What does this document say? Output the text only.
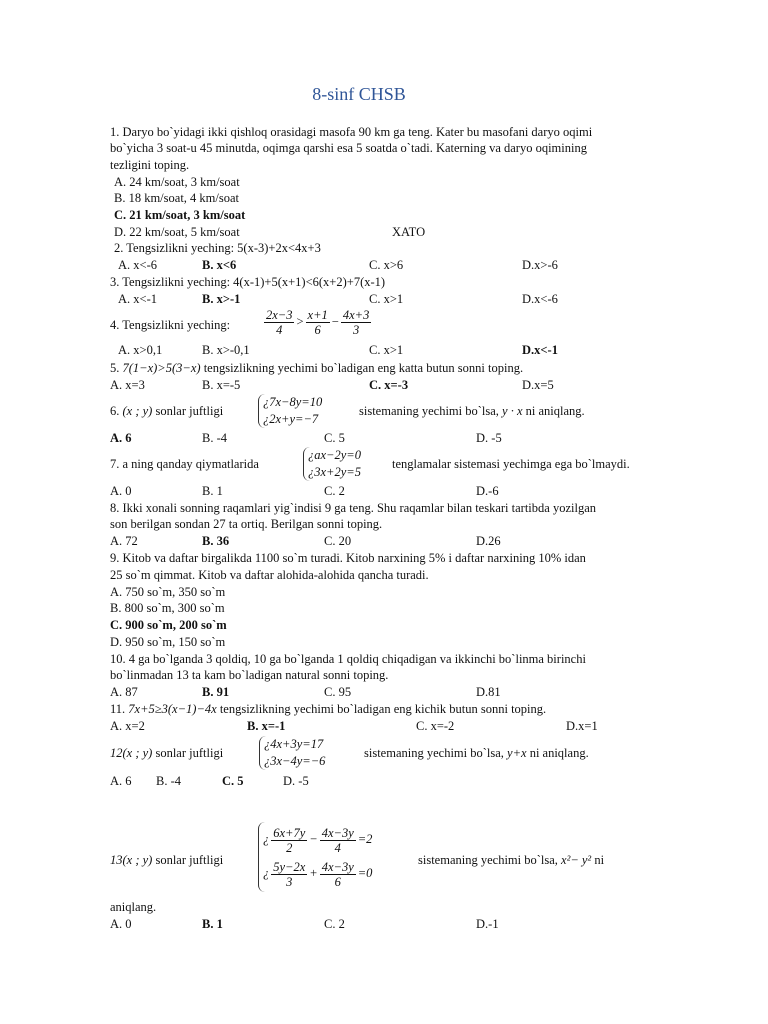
8-sinf CHSB
1. Daryo bo`yidagi ikki qishloq orasidagi masofa 90 km ga teng. Kater bu masofani daryo oqimi
bo`yicha 3 soat-u 45 minutda, oqimga qarshi esa 5 soatda o`tadi. Katerning va daryo oqimining
tezligini toping.
A. 24 km/soat, 3 km/soat
B. 18 km/soat, 4 km/soat
C. 21 km/soat, 3 km/soat
D. 22 km/soat, 5 km/soat	XATO
2. Tengsizlikni yeching: 5(x-3)+2x<4x+3
A. x<-6	B. x<6	C. x>6	D.x>-6
3. Tengsizlikni yeching: 4(x-1)+5(x+1)<6(x+2)+7(x-1)
A. x<-1	B. x>-1	C. x>1	D.x<-6
4. Tengsizlikni yeching:	$\frac{2x-3}{4} > \frac{x+1}{6} - \frac{4x+3}{3}$
A. x>0,1	B. x>-0,1	C. x>1	D.x<-1
5. 7(1−x)>5(3−x) tengsizlikning yechimi bo`ladigan eng katta butun sonni toping.
A. x=3	B. x=-5	C. x=-3	D.x=5
6. (x ; y) sonlar juftligi
¿7x−8y=10
¿2x+y=−7
sistemaning yechimi bo`lsa, y · x ni aniqlang.
A. 6	B. -4	C. 5	D. -5
7. a ning qanday qiymatlarida
¿ax−2y=0
¿3x+2y=5
tenglamalar sistemasi yechimga ega bo`lmaydi.
A. 0	B. 1	C. 2	D.-6
8. Ikki xonali sonning raqamlari yig`indisi 9 ga teng. Shu raqamlar bilan teskari tartibda yozilgan
son berilgan sondan 27 ta ortiq. Berilgan sonni toping.
A. 72	B. 36	C. 20	D.26
9. Kitob va daftar birgalikda 1100 so`m turadi. Kitob narxining 5% i daftar narxining 10% idan
25 so`m qimmat. Kitob va daftar alohida-alohida qancha turadi.
A. 750 so`m, 350 so`m
B. 800 so`m, 300 so`m
C. 900 so`m, 200 so`m
D. 950 so`m, 150 so`m
10. 4 ga bo`lganda 3 qoldiq, 10 ga bo`lganda 1 qoldiq chiqadigan va ikkinchi bo`linma birinchi
bo`linmadan 13 ta kam bo`ladigan natural sonni toping.
A. 87	B. 91	C. 95	D.81
11. 7x+5≥3(x−1)−4x tengsizlikning yechimi bo`ladigan eng kichik butun sonni toping.
A. x=2	B. x=-1	C. x=-2	D.x=1
12(x ; y) sonlar juftligi
¿4x+3y=17
¿3x−4y=−6
sistemaning yechimi bo`lsa, y+x ni aniqlang.
A. 6 B. -4	C. 5	D. -5
13(x ; y) sonlar juftligi
¿ $\frac{6x+7y}{2} - \frac{4x-3y}{4} =2$
¿ $\frac{5y-2x}{3} + \frac{4x-3y}{6} =0$
sistemaning yechimi bo`lsa, x²− y² ni
aniqlang.
A. 0	B. 1	C. 2	D.-1
